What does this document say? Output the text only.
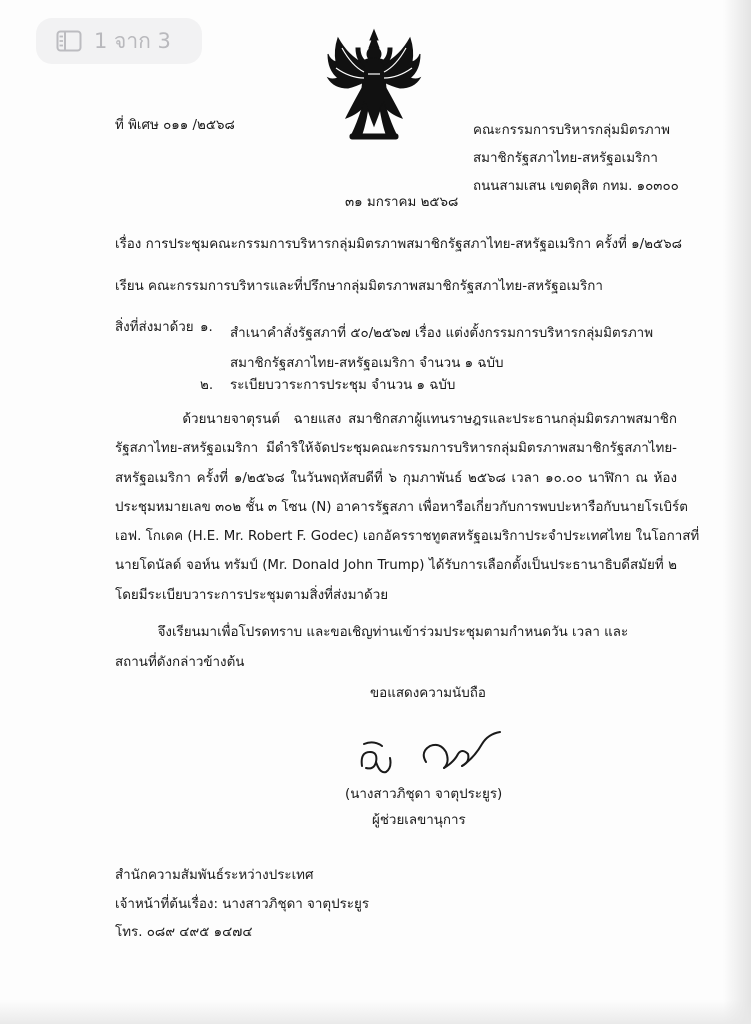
1 จาก 3
ที่ พิเศษ ๐๑๑ /๒๕๖๘	คณะกรรมการบริหารกลุ่มมิตรภาพ
สมาชิกรัฐสภาไทย-สหรัฐอเมริกา
ถนนสามเสน เขตดุสิต กทม. ๑๐๓๐๐
๓๑ มกราคม ๒๕๖๘
เรื่อง การประชุมคณะกรรมการบริหารกลุ่มมิตรภาพสมาชิกรัฐสภาไทย-สหรัฐอเมริกา ครั้งที่ ๑/๒๕๖๘
เรียน คณะกรรมการบริหารและที่ปรึกษากลุ่มมิตรภาพสมาชิกรัฐสภาไทย-สหรัฐอเมริกา
สิ่งที่ส่งมาด้วย ๑. สำเนาคำสั่งรัฐสภาที่ ๕๐/๒๕๖๗ เรื่อง แต่งตั้งกรรมการบริหารกลุ่มมิตรภาพ
สมาชิกรัฐสภาไทย-สหรัฐอเมริกา จำนวน ๑ ฉบับ
๒. ระเบียบวาระการประชุม จำนวน ๑ ฉบับ
ด้วยนายจาตุรนต์  ฉายแสง สมาชิกสภาผู้แทนราษฎรและประธานกลุ่มมิตรภาพสมาชิก
รัฐสภาไทย-สหรัฐอเมริกา มีดำริให้จัดประชุมคณะกรรมการบริหารกลุ่มมิตรภาพสมาชิกรัฐสภาไทย-
สหรัฐอเมริกา ครั้งที่ ๑/๒๕๖๘ ในวันพฤหัสบดีที่ ๖ กุมภาพันธ์ ๒๕๖๘ เวลา ๑๐.๐๐ นาฬิกา ณ ห้อง
ประชุมหมายเลข ๓๐๒ ชั้น ๓ โซน (N) อาคารรัฐสภา เพื่อหารือเกี่ยวกับการพบปะหารือกับนายโรเบิร์ต
เอฟ. โกเดค (H.E. Mr. Robert F. Godec) เอกอัครราชทูตสหรัฐอเมริกาประจำประเทศไทย ในโอกาสที่
นายโดนัลด์ จอห์น ทรัมป์ (Mr. Donald John Trump) ได้รับการเลือกตั้งเป็นประธานาธิบดีสมัยที่ ๒
โดยมีระเบียบวาระการประชุมตามสิ่งที่ส่งมาด้วย
จึงเรียนมาเพื่อโปรดทราบ และขอเชิญท่านเข้าร่วมประชุมตามกำหนดวัน เวลา และ
สถานที่ดังกล่าวข้างต้น
ขอแสดงความนับถือ
(นางสาวภิชุดา จาตุประยูร)
ผู้ช่วยเลขานุการ
สำนักความสัมพันธ์ระหว่างประเทศ
เจ้าหน้าที่ต้นเรื่อง: นางสาวภิชุดา จาตุประยูร
โทร. ๐๘๙ ๔๙๕ ๑๔๗๔
